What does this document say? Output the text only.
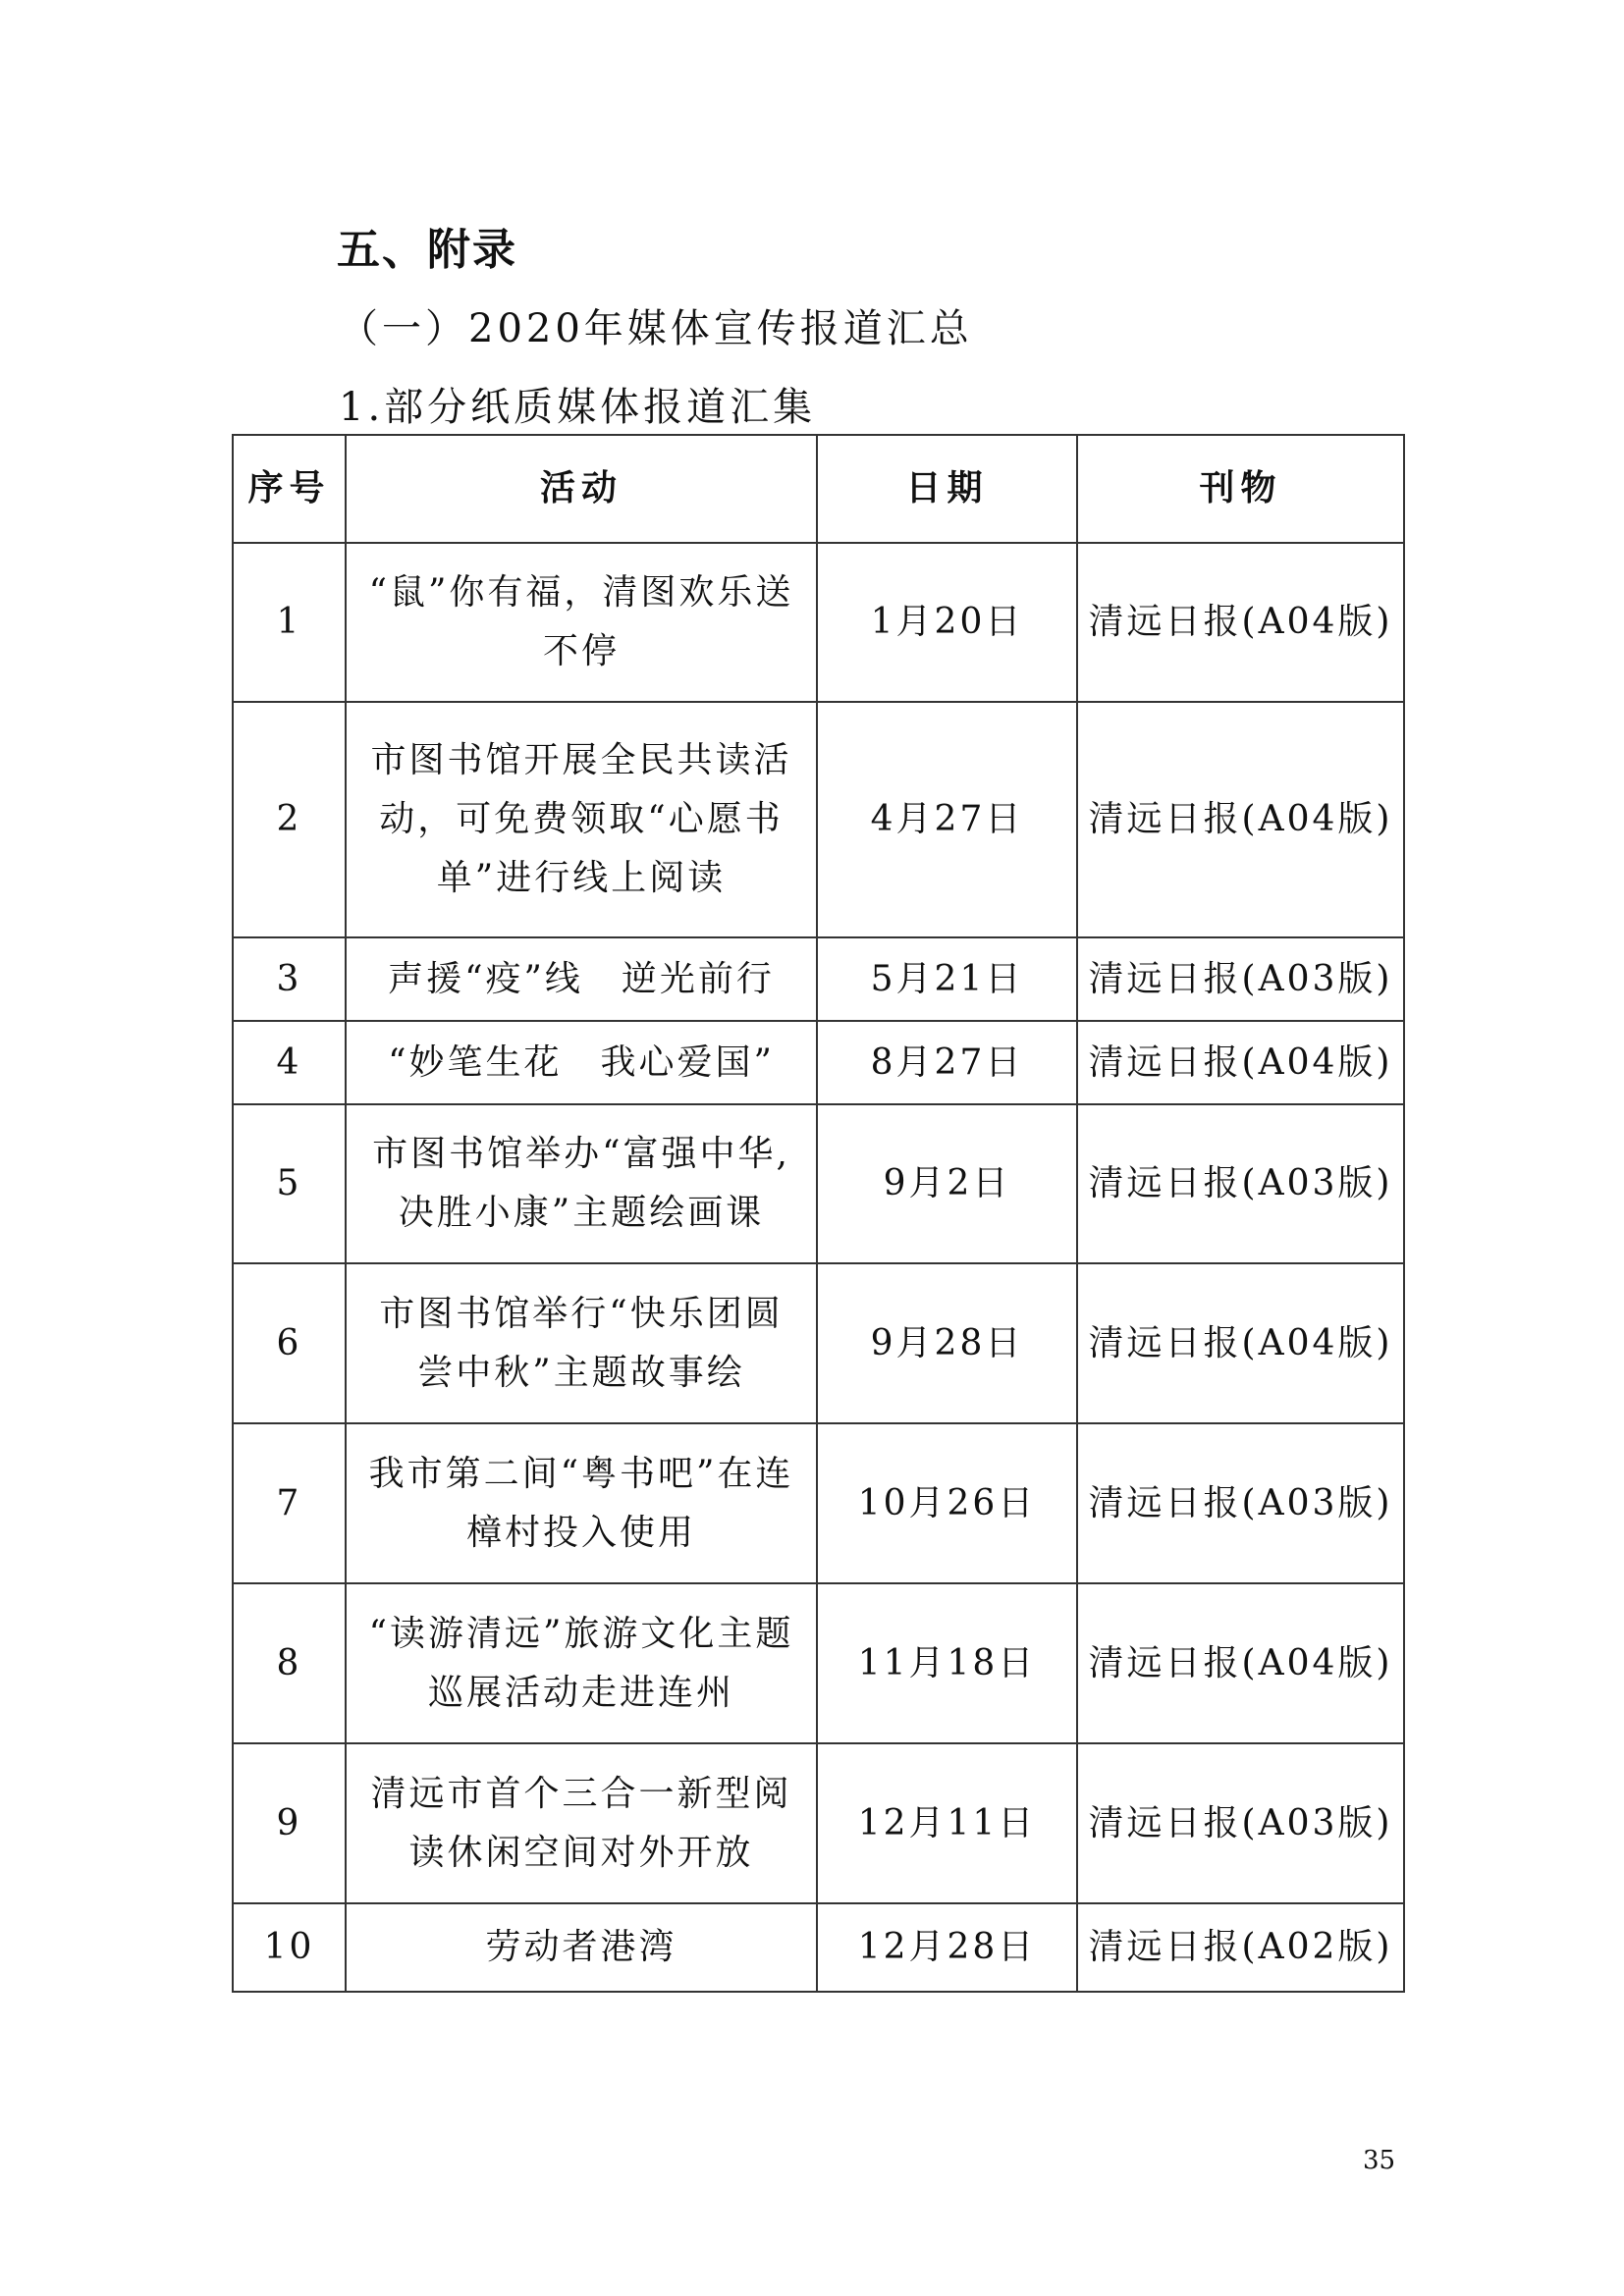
五、附录
（一）2020年媒体宣传报道汇总
1.部分纸质媒体报道汇集
序号	活动	日期	刊物
1	“鼠”你有福，清图欢乐送不停	1月20日	清远日报(A04版)
2	市图书馆开展全民共读活动，可免费领取“心愿书单”进行线上阅读	4月27日	清远日报(A04版)
3	声援“疫”线　逆光前行	5月21日	清远日报(A03版)
4	“妙笔生花　我心爱国”	8月27日	清远日报(A04版)
5	市图书馆举办“富强中华,决胜小康”主题绘画课	9月2日	清远日报(A03版)
6	市图书馆举行“快乐团圆尝中秋”主题故事绘	9月28日	清远日报(A04版)
7	我市第二间“粤书吧”在连樟村投入使用	10月26日	清远日报(A03版)
8	“读游清远”旅游文化主题巡展活动走进连州	11月18日	清远日报(A04版)
9	清远市首个三合一新型阅读休闲空间对外开放	12月11日	清远日报(A03版)
10	劳动者港湾	12月28日	清远日报(A02版)
35
